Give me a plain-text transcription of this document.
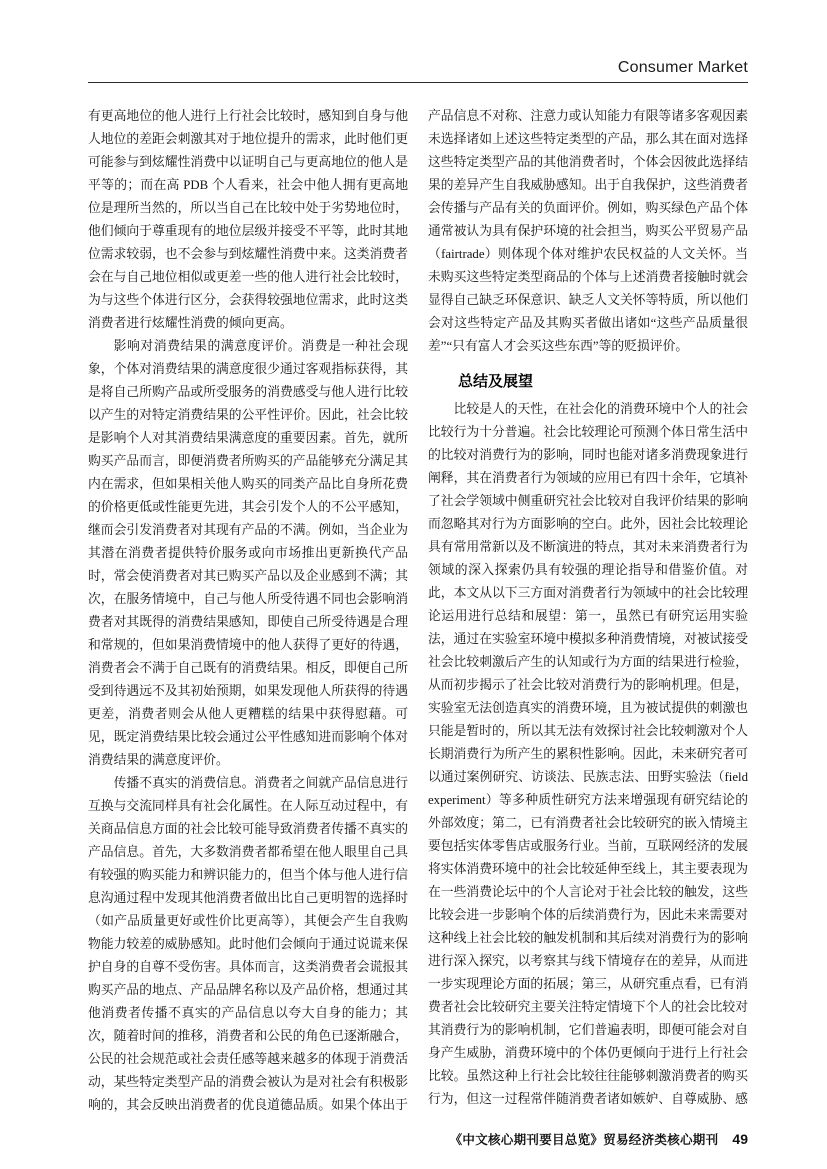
Consumer Market

有更高地位的他人进行上行社会比较时，感知到自身与他人地位的差距会刺激其对于地位提升的需求，此时他们更可能参与到炫耀性消费中以证明自己与更高地位的他人是平等的；而在高 PDB 个人看来，社会中他人拥有更高地位是理所当然的，所以当自己在比较中处于劣势地位时，他们倾向于尊重现有的地位层级并接受不平等，此时其地位需求较弱，也不会参与到炫耀性消费中来。这类消费者会在与自己地位相似或更差一些的他人进行社会比较时，为与这些个体进行区分，会获得较强地位需求，此时这类消费者进行炫耀性消费的倾向更高。

影响对消费结果的满意度评价。消费是一种社会现象，个体对消费结果的满意度很少通过客观指标获得，其是将自己所购产品或所受服务的消费感受与他人进行比较以产生的对特定消费结果的公平性评价。因此，社会比较是影响个人对其消费结果满意度的重要因素。首先，就所购买产品而言，即便消费者所购买的产品能够充分满足其内在需求，但如果相关他人购买的同类产品比自身所花费的价格更低或性能更先进，其会引发个人的不公平感知，继而会引发消费者对其现有产品的不满。例如，当企业为其潜在消费者提供特价服务或向市场推出更新换代产品时，常会使消费者对其已购买产品以及企业感到不满；其次，在服务情境中，自己与他人所受待遇不同也会影响消费者对其既得的消费结果感知，即使自己所受待遇是合理和常规的，但如果消费情境中的他人获得了更好的待遇，消费者会不满于自己既有的消费结果。相反，即便自己所受到待遇远不及其初始预期，如果发现他人所获得的待遇更差，消费者则会从他人更糟糕的结果中获得慰藉。可见，既定消费结果比较会通过公平性感知进而影响个体对消费结果的满意度评价。

传播不真实的消费信息。消费者之间就产品信息进行互换与交流同样具有社会化属性。在人际互动过程中，有关商品信息方面的社会比较可能导致消费者传播不真实的产品信息。首先，大多数消费者都希望在他人眼里自己具有较强的购买能力和辨识能力的，但当个体与他人进行信息沟通过程中发现其他消费者做出比自己更明智的选择时（如产品质量更好或性价比更高等），其便会产生自我购物能力较差的威胁感知。此时他们会倾向于通过说谎来保护自身的自尊不受伤害。具体而言，这类消费者会谎报其购买产品的地点、产品品牌名称以及产品价格，想通过其他消费者传播不真实的产品信息以夸大自身的能力；其次，随着时间的推移，消费者和公民的角色已逐渐融合，公民的社会规范或社会责任感等越来越多的体现于消费活动，某些特定类型产品的消费会被认为是对社会有积极影响的，其会反映出消费者的优良道德品质。如果个体出于

产品信息不对称、注意力或认知能力有限等诸多客观因素未选择诸如上述这些特定类型的产品，那么其在面对选择这些特定类型产品的其他消费者时，个体会因彼此选择结果的差异产生自我威胁感知。出于自我保护，这些消费者会传播与产品有关的负面评价。例如，购买绿色产品个体通常被认为具有保护环境的社会担当，购买公平贸易产品（fairtrade）则体现个体对维护农民权益的人文关怀。当未购买这些特定类型商品的个体与上述消费者接触时就会显得自己缺乏环保意识、缺乏人文关怀等特质，所以他们会对这些特定产品及其购买者做出诸如“这些产品质量很差”“只有富人才会买这些东西”等的贬损评价。

总结及展望

比较是人的天性，在社会化的消费环境中个人的社会比较行为十分普遍。社会比较理论可预测个体日常生活中的比较对消费行为的影响，同时也能对诸多消费现象进行阐释，其在消费者行为领域的应用已有四十余年，它填补了社会学领域中侧重研究社会比较对自我评价结果的影响而忽略其对行为方面影响的空白。此外，因社会比较理论具有常用常新以及不断演进的特点，其对未来消费者行为领域的深入探索仍具有较强的理论指导和借鉴价值。对此，本文从以下三方面对消费者行为领域中的社会比较理论运用进行总结和展望：第一，虽然已有研究运用实验法，通过在实验室环境中模拟多种消费情境，对被试接受社会比较刺激后产生的认知或行为方面的结果进行检验，从而初步揭示了社会比较对消费行为的影响机理。但是，实验室无法创造真实的消费环境，且为被试提供的刺激也只能是暂时的，所以其无法有效探讨社会比较刺激对个人长期消费行为所产生的累积性影响。因此，未来研究者可以通过案例研究、访谈法、民族志法、田野实验法（field experiment）等多种质性研究方法来增强现有研究结论的外部效度；第二，已有消费者社会比较研究的嵌入情境主要包括实体零售店或服务行业。当前，互联网经济的发展将实体消费环境中的社会比较延伸至线上，其主要表现为在一些消费论坛中的个人言论对于社会比较的触发，这些比较会进一步影响个体的后续消费行为，因此未来需要对这种线上社会比较的触发机制和其后续对消费行为的影响进行深入探究，以考察其与线下情境存在的差异，从而进一步实现理论方面的拓展；第三，从研究重点看，已有消费者社会比较研究主要关注特定情境下个人的社会比较对其消费行为的影响机制，它们普遍表明，即便可能会对自身产生威胁，消费环境中的个体仍更倾向于进行上行社会比较。虽然这种上行社会比较往往能够刺激消费者的购买行为，但这一过程常伴随消费者诸如嫉妒、自尊威胁、感

《中文核心期刊要目总览》贸易经济类核心期刊 49
